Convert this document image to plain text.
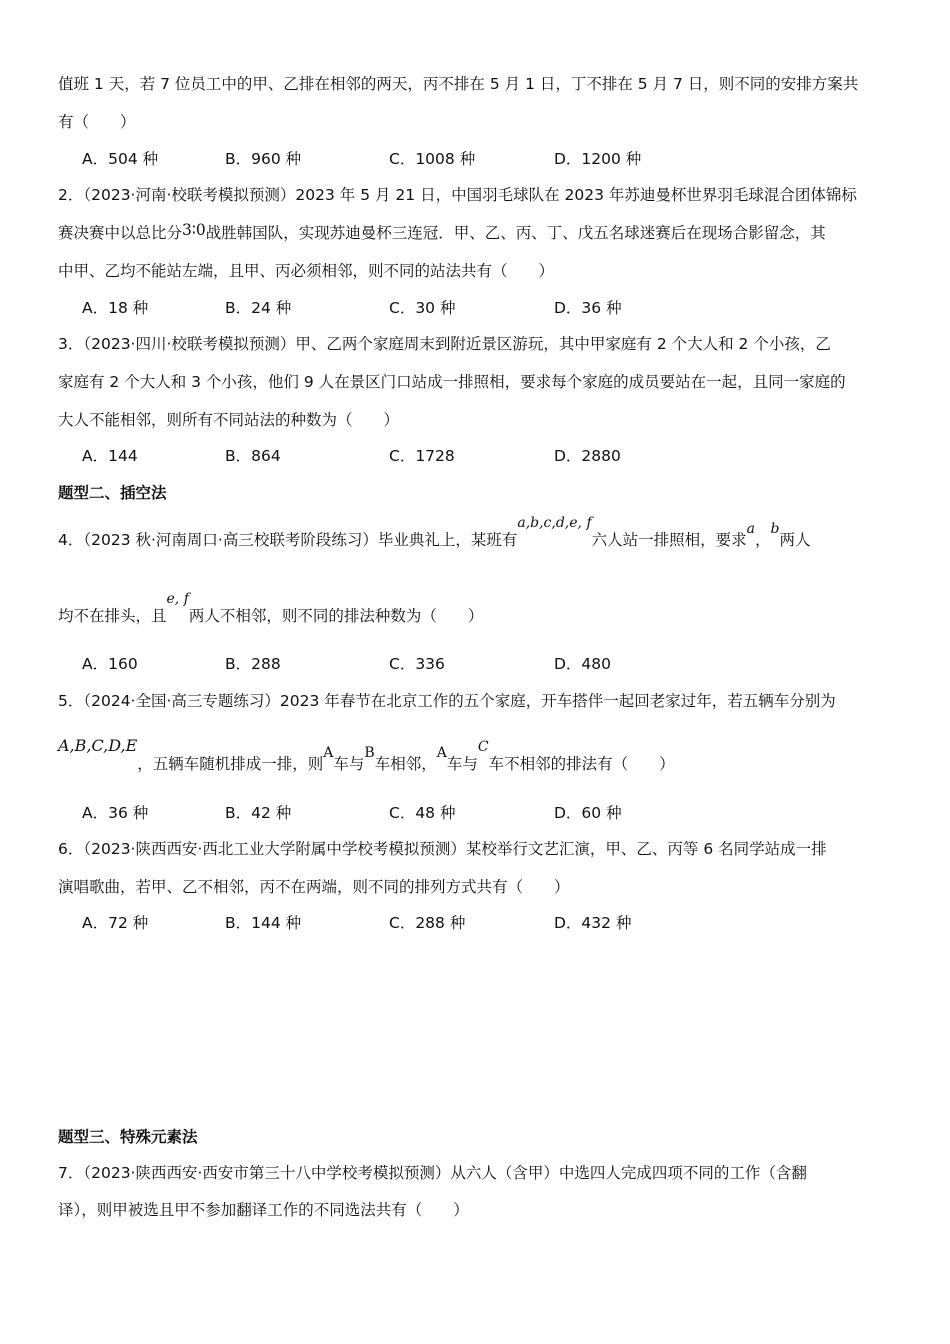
值班 1 天，若 7 位员工中的甲、乙排在相邻的两天，丙不排在 5 月 1 日，丁不排在 5 月 7 日，则不同的安排方案共
有（　　）
A．504 种	B．960 种	C．1008 种	D．1200 种
2．（2023·河南·校联考模拟预测）2023 年 5 月 21 日，中国羽毛球队在 2023 年苏迪曼杯世界羽毛球混合团体锦标
赛决赛中以总比分3∶0战胜韩国队，实现苏迪曼杯三连冠．甲、乙、丙、丁、戊五名球迷赛后在现场合影留念，其
中甲、乙均不能站左端，且甲、丙必须相邻，则不同的站法共有（　　）
A．18 种	B．24 种	C．30 种	D．36 种
3．（2023·四川·校联考模拟预测）甲、乙两个家庭周末到附近景区游玩，其中甲家庭有 2 个大人和 2 个小孩，乙
家庭有 2 个大人和 3 个小孩，他们 9 人在景区门口站成一排照相，要求每个家庭的成员要站在一起，且同一家庭的
大人不能相邻，则所有不同站法的种数为（　　）
A．144	B．864	C．1728	D．2880
题型二、插空法
4．（2023 秋·河南周口·高三校联考阶段练习）毕业典礼上，某班有a,b,c,d,e, f六人站一排照相，要求a，b两人
均不在排头，且e, f两人不相邻，则不同的排法种数为（　　）
A．160	B．288	C．336	D．480
5．（2024·全国·高三专题练习）2023 年春节在北京工作的五个家庭，开车搭伴一起回老家过年，若五辆车分别为
A,B,C,D,E，五辆车随机排成一排，则A车与B车相邻，A车与C车不相邻的排法有（　　）
A．36 种	B．42 种	C．48 种	D．60 种
6．（2023·陕西西安·西北工业大学附属中学校考模拟预测）某校举行文艺汇演，甲、乙、丙等 6 名同学站成一排
演唱歌曲，若甲、乙不相邻，丙不在两端，则不同的排列方式共有（　　）
A．72 种	B．144 种	C．288 种	D．432 种
题型三、特殊元素法
7．（2023·陕西西安·西安市第三十八中学校考模拟预测）从六人（含甲）中选四人完成四项不同的工作（含翻
译），则甲被选且甲不参加翻译工作的不同选法共有（　　）
